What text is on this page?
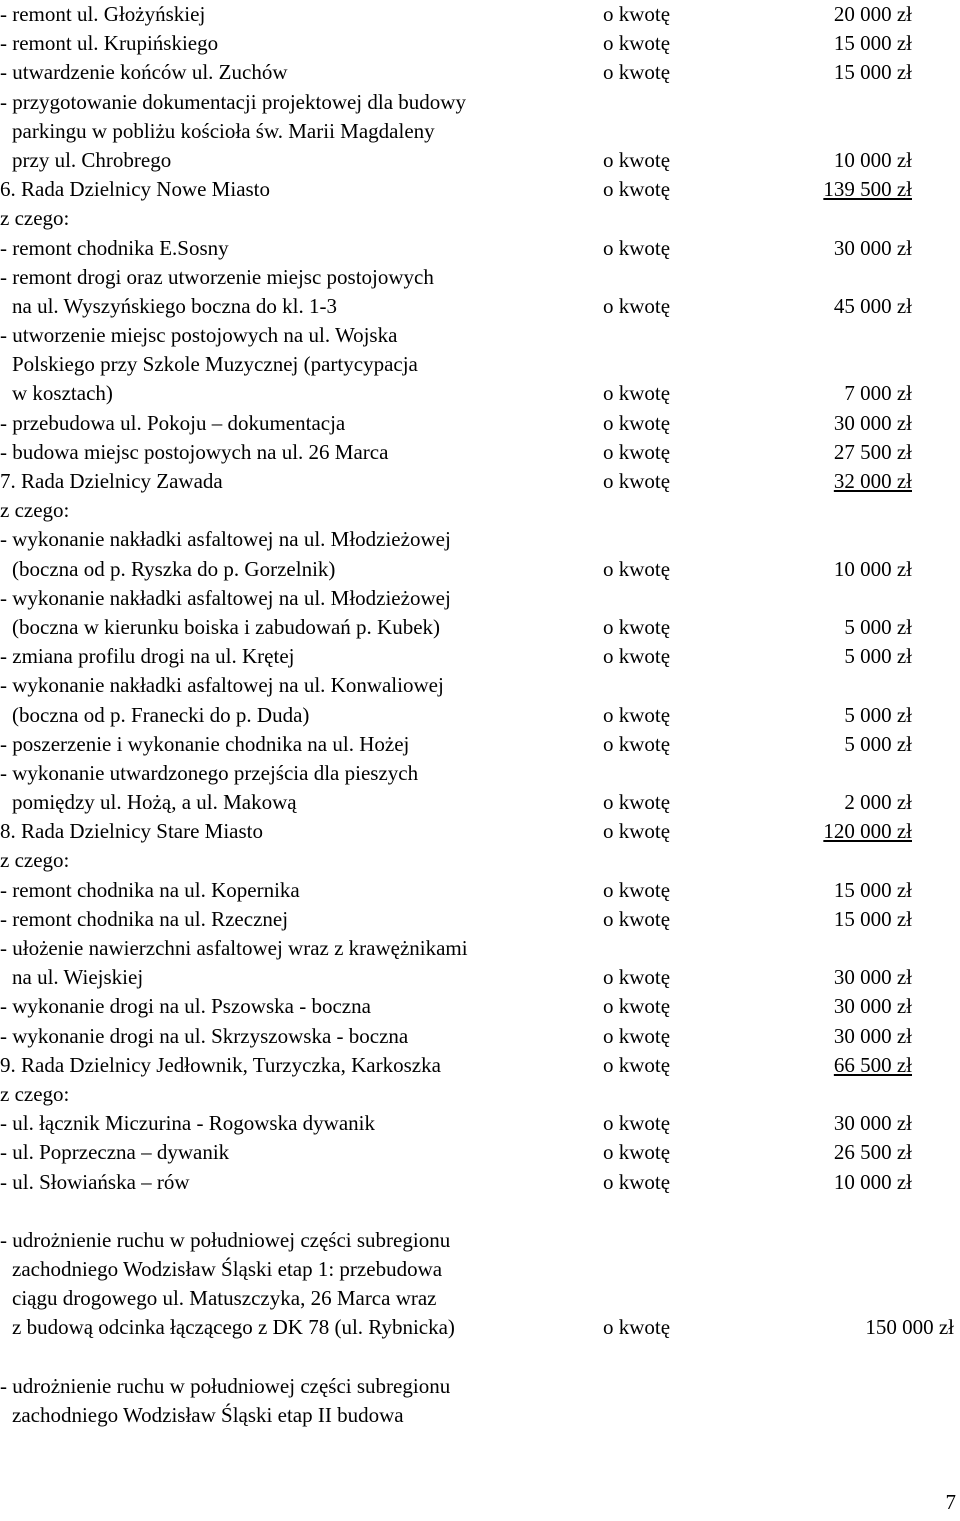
- remont ul. Głożyńskiej	o kwotę	20 000 zł
- remont ul. Krupińskiego	o kwotę	15 000 zł
- utwardzenie końców ul. Zuchów	o kwotę	15 000 zł
- przygotowanie dokumentacji projektowej dla budowy
parkingu w pobliżu kościoła św. Marii Magdaleny
przy ul. Chrobrego	o kwotę	10 000 zł
6. Rada Dzielnicy Nowe Miasto	o kwotę	139 500 zł
z czego:
- remont chodnika E.Sosny	o kwotę	30 000 zł
- remont drogi oraz utworzenie miejsc postojowych
na ul. Wyszyńskiego boczna do kl. 1-3	o kwotę	45 000 zł
- utworzenie miejsc postojowych na ul. Wojska
Polskiego przy Szkole Muzycznej (partycypacja
w kosztach)	o kwotę	7 000 zł
- przebudowa ul. Pokoju – dokumentacja	o kwotę	30 000 zł
- budowa miejsc postojowych na ul. 26 Marca	o kwotę	27 500 zł
7. Rada Dzielnicy Zawada	o kwotę	32 000 zł
z czego:
- wykonanie nakładki asfaltowej na ul. Młodzieżowej
(boczna od p. Ryszka do p. Gorzelnik)	o kwotę	10 000 zł
- wykonanie nakładki asfaltowej na ul. Młodzieżowej
(boczna w kierunku boiska i zabudowań p. Kubek)	o kwotę	5 000 zł
- zmiana profilu drogi na ul. Krętej	o kwotę	5 000 zł
- wykonanie nakładki asfaltowej na ul. Konwaliowej
(boczna od p. Franecki do p. Duda)	o kwotę	5 000 zł
- poszerzenie i wykonanie chodnika na ul. Hożej	o kwotę	5 000 zł
- wykonanie utwardzonego przejścia dla pieszych
pomiędzy ul. Hożą, a ul. Makową	o kwotę	2 000 zł
8. Rada Dzielnicy Stare Miasto	o kwotę	120 000 zł
z czego:
- remont chodnika na ul. Kopernika	o kwotę	15 000 zł
- remont chodnika na ul. Rzecznej	o kwotę	15 000 zł
- ułożenie nawierzchni asfaltowej wraz z krawężnikami
na ul. Wiejskiej	o kwotę	30 000 zł
- wykonanie drogi na ul. Pszowska - boczna	o kwotę	30 000 zł
- wykonanie drogi na ul. Skrzyszowska - boczna	o kwotę	30 000 zł
9. Rada Dzielnicy Jedłownik, Turzyczka, Karkoszka	o kwotę	66 500 zł
z czego:
- ul. łącznik Miczurina - Rogowska dywanik	o kwotę	30 000 zł
- ul. Poprzeczna – dywanik	o kwotę	26 500 zł
- ul. Słowiańska – rów	o kwotę	10 000 zł
- udrożnienie ruchu w południowej części subregionu
zachodniego Wodzisław Śląski etap 1: przebudowa
ciągu drogowego ul. Matuszczyka, 26 Marca wraz
z budową odcinka łączącego z DK 78 (ul. Rybnicka)	o kwotę	150 000 zł
- udrożnienie ruchu w południowej części subregionu
zachodniego Wodzisław Śląski etap II budowa
7
